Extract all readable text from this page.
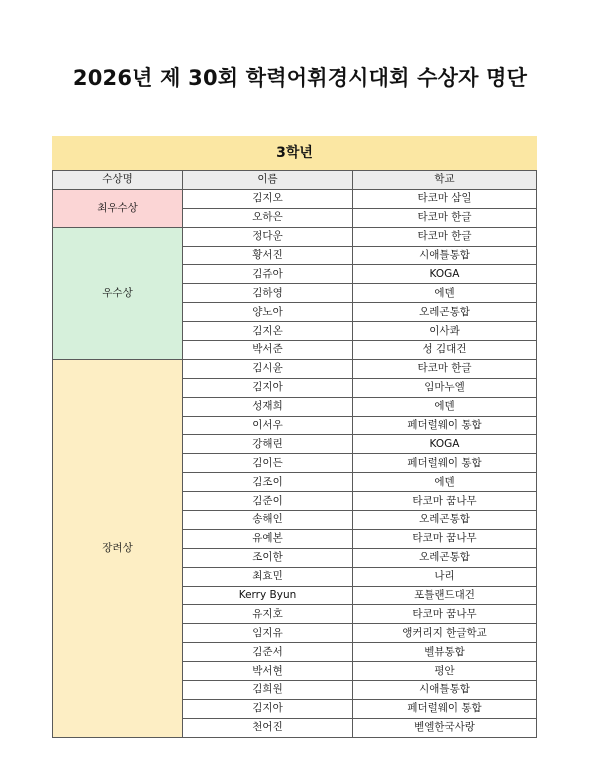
2026년 제 30회 학력어휘경시대회 수상자 명단
3학년		
수상명	이름	학교
최우수상	김지오	타코마 삼일
	오하은	타코마 한글
우수상	정다운	타코마 한글
	황서진	시애틀통합
	김쥬아	KOGA
	김하영	에덴
	양노아	오레곤통합
	김지온	이사콰
	박서준	성 김대건
장려상	김시윤	타코마 한글
	김지아	임마누엘
	성재희	에덴
	이서우	페더럴웨이 통합
	강해린	KOGA
	김이든	페더럴웨이 통합
	김조이	에덴
	김준이	타코마 꿈나무
	송해인	오레곤통합
	유예본	타코마 꿈나무
	조이한	오레곤통합
	최효민	나리
	Kerry Byun	포틀랜드대건
	유지호	타코마 꿈나무
	임지유	앵커리지 한글학교
	김준서	벨뷰통합
	박서현	평안
	김희원	시애틀통합
	김지아	페더럴웨이 통합
	천어진	벧엘한국사랑
